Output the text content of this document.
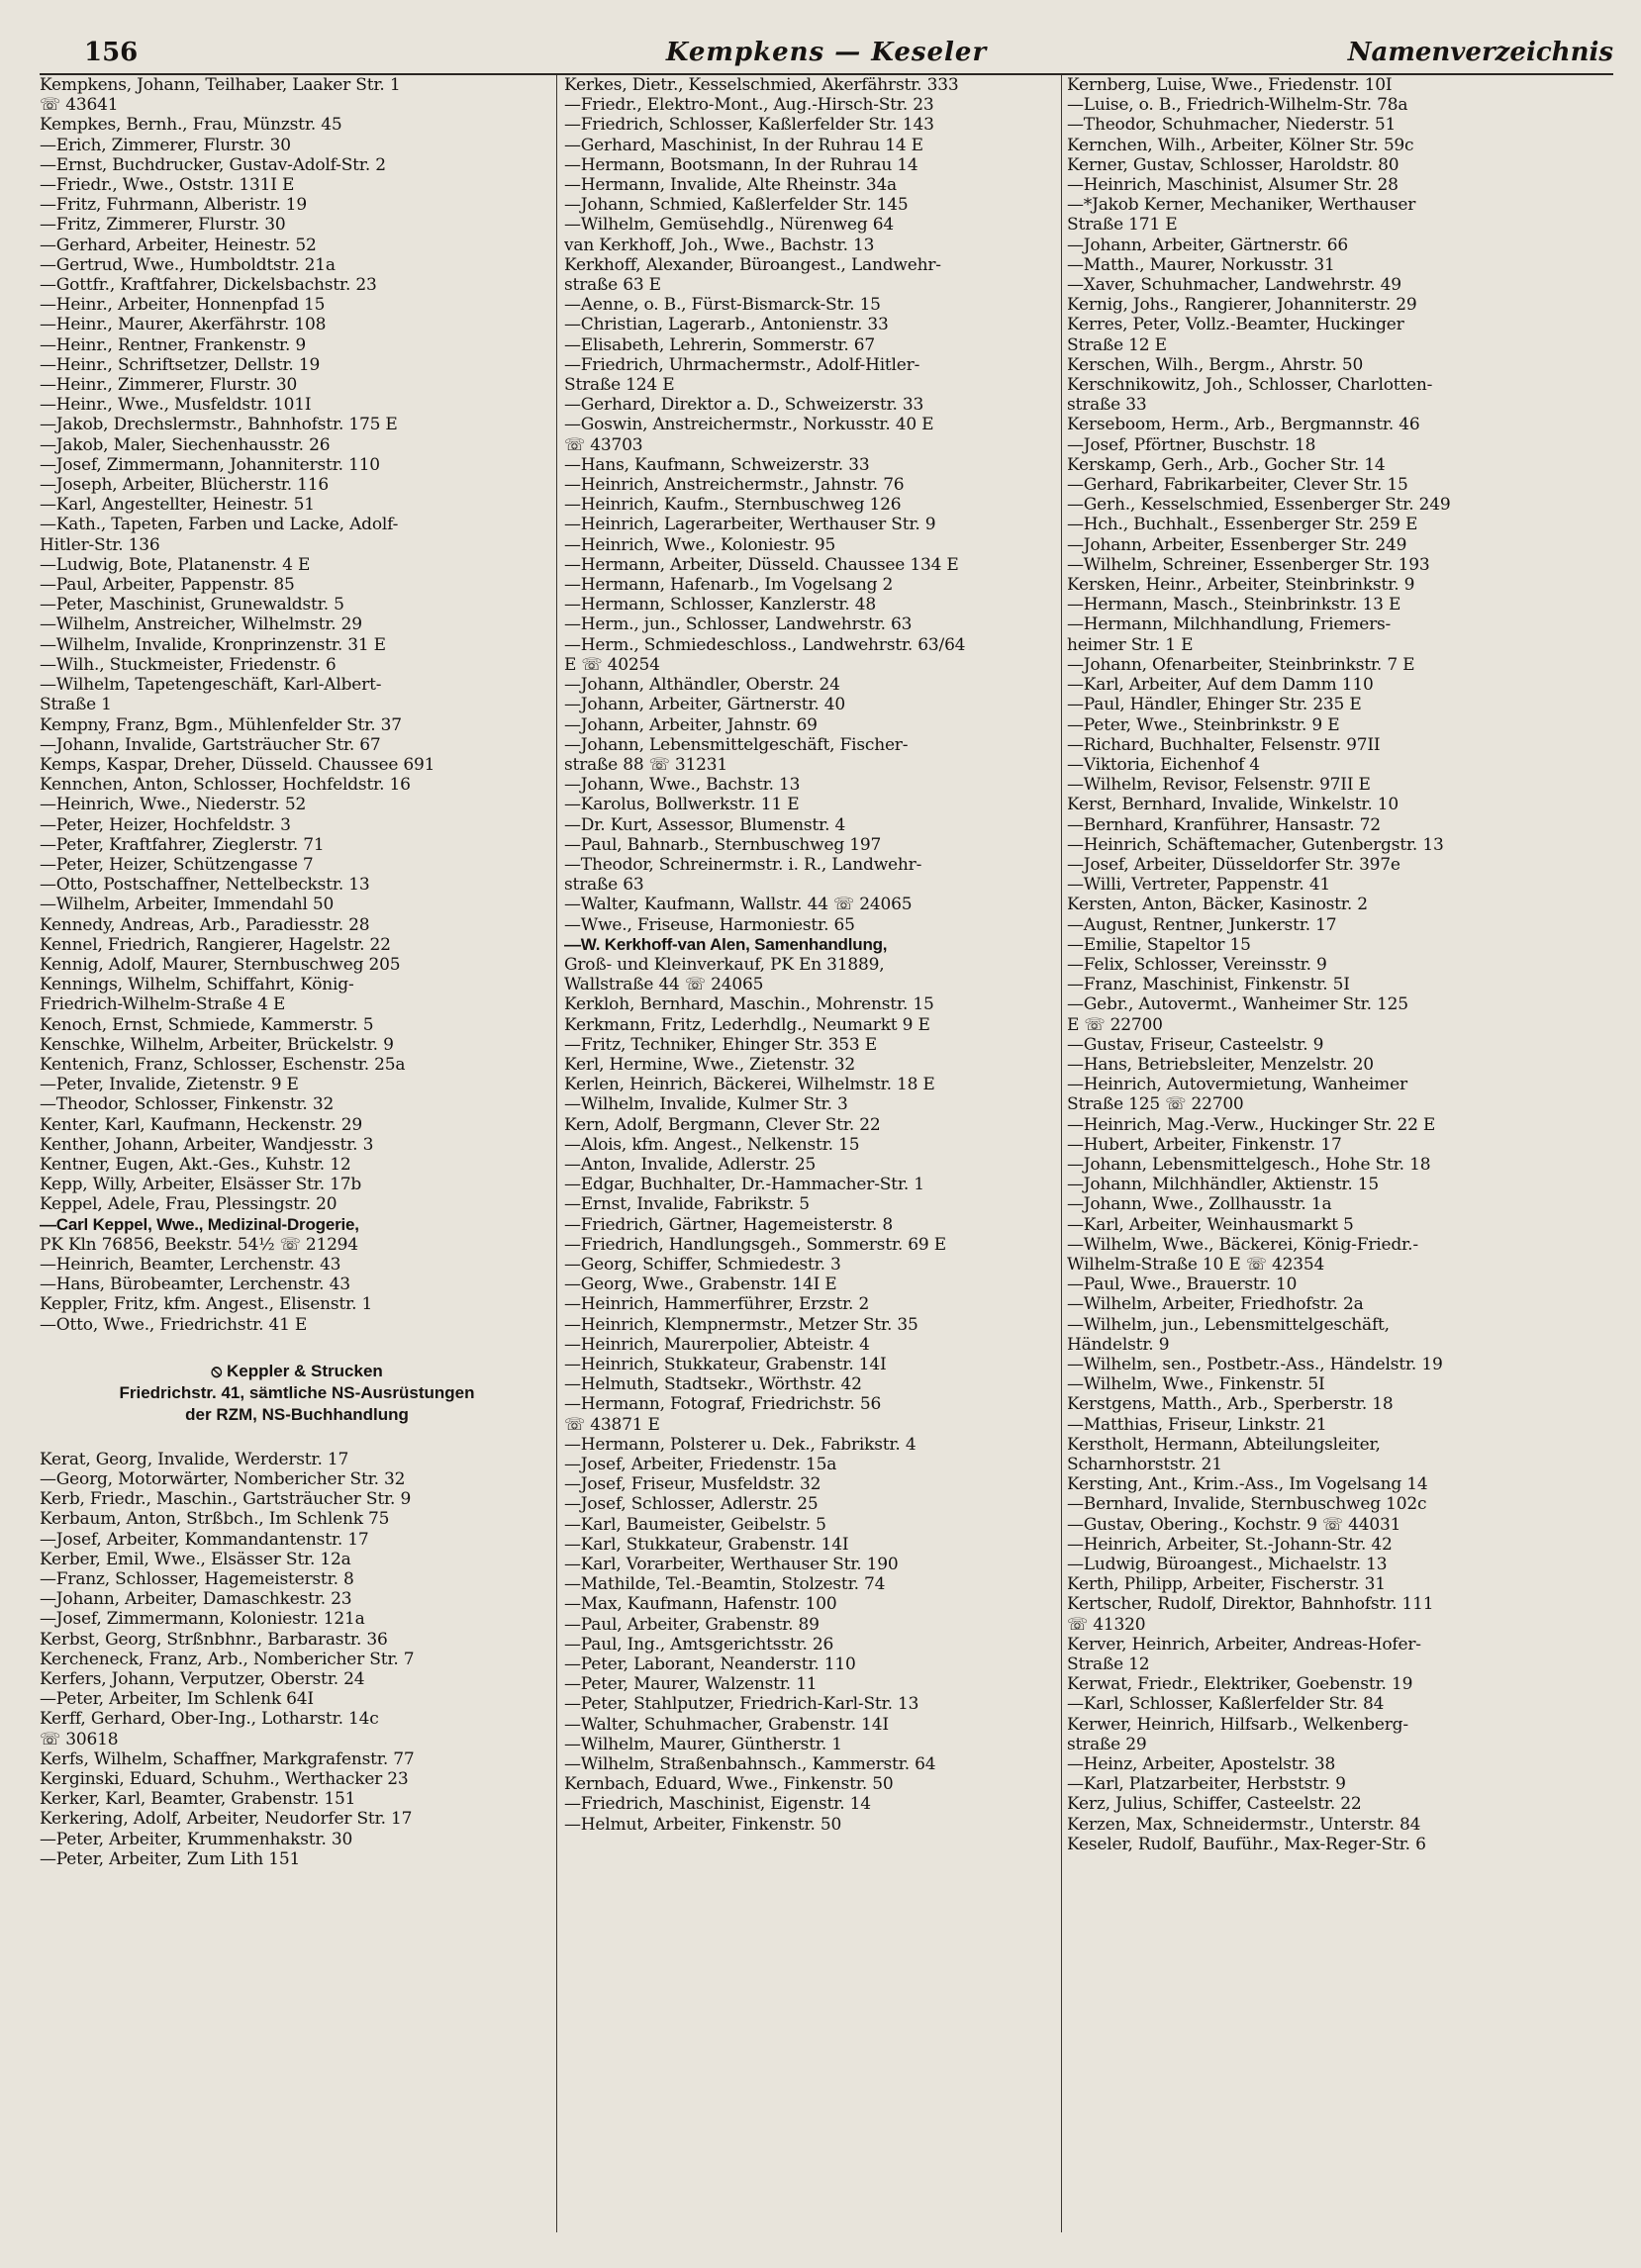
156	Kempkens — Keseler	Namenverzeichnis
Kempkens, Johann, Teilhaber, Laaker Str. 1
☏ 43641
Kempkes, Bernh., Frau, Münzstr. 45
—Erich, Zimmerer, Flurstr. 30
—Ernst, Buchdrucker, Gustav-Adolf-Str. 2
—Friedr., Wwe., Oststr. 131I E
—Fritz, Fuhrmann, Alberistr. 19
—Fritz, Zimmerer, Flurstr. 30
—Gerhard, Arbeiter, Heinestr. 52
—Gertrud, Wwe., Humboldtstr. 21a
—Gottfr., Kraftfahrer, Dickelsbachstr. 23
—Heinr., Arbeiter, Honnenpfad 15
—Heinr., Maurer, Akerfährstr. 108
—Heinr., Rentner, Frankenstr. 9
—Heinr., Schriftsetzer, Dellstr. 19
—Heinr., Zimmerer, Flurstr. 30
—Heinr., Wwe., Musfeldstr. 101I
—Jakob, Drechslermstr., Bahnhofstr. 175 E
—Jakob, Maler, Siechenhausstr. 26
—Josef, Zimmermann, Johanniterstr. 110
—Joseph, Arbeiter, Blücherstr. 116
—Karl, Angestellter, Heinestr. 51
—Kath., Tapeten, Farben und Lacke, Adolf-
Hitler-Str. 136
—Ludwig, Bote, Platanenstr. 4 E
—Paul, Arbeiter, Pappenstr. 85
—Peter, Maschinist, Grunewaldstr. 5
—Wilhelm, Anstreicher, Wilhelmstr. 29
—Wilhelm, Invalide, Kronprinzenstr. 31 E
—Wilh., Stuckmeister, Friedenstr. 6
—Wilhelm, Tapetengeschäft, Karl-Albert-
Straße 1
Kempny, Franz, Bgm., Mühlenfelder Str. 37
—Johann, Invalide, Gartsträucher Str. 67
Kemps, Kaspar, Dreher, Düsseld. Chaussee 691
Kennchen, Anton, Schlosser, Hochfeldstr. 16
—Heinrich, Wwe., Niederstr. 52
—Peter, Heizer, Hochfeldstr. 3
—Peter, Kraftfahrer, Zieglerstr. 71
—Peter, Heizer, Schützengasse 7
—Otto, Postschaffner, Nettelbeckstr. 13
—Wilhelm, Arbeiter, Immendahl 50
Kennedy, Andreas, Arb., Paradiesstr. 28
Kennel, Friedrich, Rangierer, Hagelstr. 22
Kennig, Adolf, Maurer, Sternbuschweg 205
Kennings, Wilhelm, Schiffahrt, König-
Friedrich-Wilhelm-Straße 4 E
Kenoch, Ernst, Schmiede, Kammerstr. 5
Kenschke, Wilhelm, Arbeiter, Brückelstr. 9
Kentenich, Franz, Schlosser, Eschenstr. 25a
—Peter, Invalide, Zietenstr. 9 E
—Theodor, Schlosser, Finkenstr. 32
Kenter, Karl, Kaufmann, Heckenstr. 29
Kenther, Johann, Arbeiter, Wandjesstr. 3
Kentner, Eugen, Akt.-Ges., Kuhstr. 12
Kepp, Willy, Arbeiter, Elsässer Str. 17b
Keppel, Adele, Frau, Plessingstr. 20
—Carl Keppel, Wwe., Medizinal-Drogerie,
PK Kln 76856, Beekstr. 54½ ☏ 21294
—Heinrich, Beamter, Lerchenstr. 43
—Hans, Bürobeamter, Lerchenstr. 43
Keppler, Fritz, kfm. Angest., Elisenstr. 1
—Otto, Wwe., Friedrichstr. 41 E
⦸ Keppler & Strucken
Friedrichstr. 41, sämtliche NS-Ausrüstungen
der RZM, NS-Buchhandlung
Kerat, Georg, Invalide, Werderstr. 17
—Georg, Motorwärter, Nombericher Str. 32
Kerb, Friedr., Maschin., Gartsträucher Str. 9
Kerbaum, Anton, Strßbch., Im Schlenk 75
—Josef, Arbeiter, Kommandantenstr. 17
Kerber, Emil, Wwe., Elsässer Str. 12a
—Franz, Schlosser, Hagemeisterstr. 8
—Johann, Arbeiter, Damaschkestr. 23
—Josef, Zimmermann, Koloniestr. 121a
Kerbst, Georg, Strßnbhnr., Barbarastr. 36
Kercheneck, Franz, Arb., Nombericher Str. 7
Kerfers, Johann, Verputzer, Oberstr. 24
—Peter, Arbeiter, Im Schlenk 64I
Kerff, Gerhard, Ober-Ing., Lotharstr. 14c
☏ 30618
Kerfs, Wilhelm, Schaffner, Markgrafenstr. 77
Kerginski, Eduard, Schuhm., Werthacker 23
Kerker, Karl, Beamter, Grabenstr. 151
Kerkering, Adolf, Arbeiter, Neudorfer Str. 17
—Peter, Arbeiter, Krummenhakstr. 30
—Peter, Arbeiter, Zum Lith 151
Kerkes, Dietr., Kesselschmied, Akerfährstr. 333
—Friedr., Elektro-Mont., Aug.-Hirsch-Str. 23
—Friedrich, Schlosser, Kaßlerfelder Str. 143
—Gerhard, Maschinist, In der Ruhrau 14 E
—Hermann, Bootsmann, In der Ruhrau 14
—Hermann, Invalide, Alte Rheinstr. 34a
—Johann, Schmied, Kaßlerfelder Str. 145
—Wilhelm, Gemüsehdlg., Nürenweg 64
van Kerkhoff, Joh., Wwe., Bachstr. 13
Kerkhoff, Alexander, Büroangest., Landwehr-
straße 63 E
—Aenne, o. B., Fürst-Bismarck-Str. 15
—Christian, Lagerarb., Antonienstr. 33
—Elisabeth, Lehrerin, Sommerstr. 67
—Friedrich, Uhrmachermstr., Adolf-Hitler-
Straße 124 E
—Gerhard, Direktor a. D., Schweizerstr. 33
—Goswin, Anstreichermstr., Norkusstr. 40 E
☏ 43703
—Hans, Kaufmann, Schweizerstr. 33
—Heinrich, Anstreichermstr., Jahnstr. 76
—Heinrich, Kaufm., Sternbuschweg 126
—Heinrich, Lagerarbeiter, Werthauser Str. 9
—Heinrich, Wwe., Koloniestr. 95
—Hermann, Arbeiter, Düsseld. Chaussee 134 E
—Hermann, Hafenarb., Im Vogelsang 2
—Hermann, Schlosser, Kanzlerstr. 48
—Herm., jun., Schlosser, Landwehrstr. 63
—Herm., Schmiedeschloss., Landwehrstr. 63/64
E ☏ 40254
—Johann, Althändler, Oberstr. 24
—Johann, Arbeiter, Gärtnerstr. 40
—Johann, Arbeiter, Jahnstr. 69
—Johann, Lebensmittelgeschäft, Fischer-
straße 88 ☏ 31231
—Johann, Wwe., Bachstr. 13
—Karolus, Bollwerkstr. 11 E
—Dr. Kurt, Assessor, Blumenstr. 4
—Paul, Bahnarb., Sternbuschweg 197
—Theodor, Schreinermstr. i. R., Landwehr-
straße 63
—Walter, Kaufmann, Wallstr. 44 ☏ 24065
—Wwe., Friseuse, Harmoniestr. 65
—W. Kerkhoff-van Alen, Samenhandlung,
Groß- und Kleinverkauf, PK En 31889,
Wallstraße 44 ☏ 24065
Kerkloh, Bernhard, Maschin., Mohrenstr. 15
Kerkmann, Fritz, Lederhdlg., Neumarkt 9 E
—Fritz, Techniker, Ehinger Str. 353 E
Kerl, Hermine, Wwe., Zietenstr. 32
Kerlen, Heinrich, Bäckerei, Wilhelmstr. 18 E
—Wilhelm, Invalide, Kulmer Str. 3
Kern, Adolf, Bergmann, Clever Str. 22
—Alois, kfm. Angest., Nelkenstr. 15
—Anton, Invalide, Adlerstr. 25
—Edgar, Buchhalter, Dr.-Hammacher-Str. 1
—Ernst, Invalide, Fabrikstr. 5
—Friedrich, Gärtner, Hagemeisterstr. 8
—Friedrich, Handlungsgeh., Sommerstr. 69 E
—Georg, Schiffer, Schmiedestr. 3
—Georg, Wwe., Grabenstr. 14I E
—Heinrich, Hammerführer, Erzstr. 2
—Heinrich, Klempnermstr., Metzer Str. 35
—Heinrich, Maurerpolier, Abteistr. 4
—Heinrich, Stukkateur, Grabenstr. 14I
—Helmuth, Stadtsekr., Wörthstr. 42
—Hermann, Fotograf, Friedrichstr. 56
☏ 43871 E
—Hermann, Polsterer u. Dek., Fabrikstr. 4
—Josef, Arbeiter, Friedenstr. 15a
—Josef, Friseur, Musfeldstr. 32
—Josef, Schlosser, Adlerstr. 25
—Karl, Baumeister, Geibelstr. 5
—Karl, Stukkateur, Grabenstr. 14I
—Karl, Vorarbeiter, Werthauser Str. 190
—Mathilde, Tel.-Beamtin, Stolzestr. 74
—Max, Kaufmann, Hafenstr. 100
—Paul, Arbeiter, Grabenstr. 89
—Paul, Ing., Amtsgerichtsstr. 26
—Peter, Laborant, Neanderstr. 110
—Peter, Maurer, Walzenstr. 11
—Peter, Stahlputzer, Friedrich-Karl-Str. 13
—Walter, Schuhmacher, Grabenstr. 14I
—Wilhelm, Maurer, Güntherstr. 1
—Wilhelm, Straßenbahnsch., Kammerstr. 64
Kernbach, Eduard, Wwe., Finkenstr. 50
—Friedrich, Maschinist, Eigenstr. 14
—Helmut, Arbeiter, Finkenstr. 50
Kernberg, Luise, Wwe., Friedenstr. 10I
—Luise, o. B., Friedrich-Wilhelm-Str. 78a
—Theodor, Schuhmacher, Niederstr. 51
Kernchen, Wilh., Arbeiter, Kölner Str. 59c
Kerner, Gustav, Schlosser, Haroldstr. 80
—Heinrich, Maschinist, Alsumer Str. 28
—*Jakob Kerner, Mechaniker, Werthauser
Straße 171 E
—Johann, Arbeiter, Gärtnerstr. 66
—Matth., Maurer, Norkusstr. 31
—Xaver, Schuhmacher, Landwehrstr. 49
Kernig, Johs., Rangierer, Johanniterstr. 29
Kerres, Peter, Vollz.-Beamter, Huckinger
Straße 12 E
Kerschen, Wilh., Bergm., Ahrstr. 50
Kerschnikowitz, Joh., Schlosser, Charlotten-
straße 33
Kerseboom, Herm., Arb., Bergmannstr. 46
—Josef, Pförtner, Buschstr. 18
Kerskamp, Gerh., Arb., Gocher Str. 14
—Gerhard, Fabrikarbeiter, Clever Str. 15
—Gerh., Kesselschmied, Essenberger Str. 249
—Hch., Buchhalt., Essenberger Str. 259 E
—Johann, Arbeiter, Essenberger Str. 249
—Wilhelm, Schreiner, Essenberger Str. 193
Kersken, Heinr., Arbeiter, Steinbrinkstr. 9
—Hermann, Masch., Steinbrinkstr. 13 E
—Hermann, Milchhandlung, Friemers-
heimer Str. 1 E
—Johann, Ofenarbeiter, Steinbrinkstr. 7 E
—Karl, Arbeiter, Auf dem Damm 110
—Paul, Händler, Ehinger Str. 235 E
—Peter, Wwe., Steinbrinkstr. 9 E
—Richard, Buchhalter, Felsenstr. 97II
—Viktoria, Eichenhof 4
—Wilhelm, Revisor, Felsenstr. 97II E
Kerst, Bernhard, Invalide, Winkelstr. 10
—Bernhard, Kranführer, Hansastr. 72
—Heinrich, Schäftemacher, Gutenbergstr. 13
—Josef, Arbeiter, Düsseldorfer Str. 397e
—Willi, Vertreter, Pappenstr. 41
Kersten, Anton, Bäcker, Kasinostr. 2
—August, Rentner, Junkerstr. 17
—Emilie, Stapeltor 15
—Felix, Schlosser, Vereinsstr. 9
—Franz, Maschinist, Finkenstr. 5I
—Gebr., Autovermt., Wanheimer Str. 125
E ☏ 22700
—Gustav, Friseur, Casteelstr. 9
—Hans, Betriebsleiter, Menzelstr. 20
—Heinrich, Autovermietung, Wanheimer
Straße 125 ☏ 22700
—Heinrich, Mag.-Verw., Huckinger Str. 22 E
—Hubert, Arbeiter, Finkenstr. 17
—Johann, Lebensmittelgesch., Hohe Str. 18
—Johann, Milchhändler, Aktienstr. 15
—Johann, Wwe., Zollhausstr. 1a
—Karl, Arbeiter, Weinhausmarkt 5
—Wilhelm, Wwe., Bäckerei, König-Friedr.-
Wilhelm-Straße 10 E ☏ 42354
—Paul, Wwe., Brauerstr. 10
—Wilhelm, Arbeiter, Friedhofstr. 2a
—Wilhelm, jun., Lebensmittelgeschäft,
Händelstr. 9
—Wilhelm, sen., Postbetr.-Ass., Händelstr. 19
—Wilhelm, Wwe., Finkenstr. 5I
Kerstgens, Matth., Arb., Sperberstr. 18
—Matthias, Friseur, Linkstr. 21
Kerstholt, Hermann, Abteilungsleiter,
Scharnhorststr. 21
Kersting, Ant., Krim.-Ass., Im Vogelsang 14
—Bernhard, Invalide, Sternbuschweg 102c
—Gustav, Obering., Kochstr. 9 ☏ 44031
—Heinrich, Arbeiter, St.-Johann-Str. 42
—Ludwig, Büroangest., Michaelstr. 13
Kerth, Philipp, Arbeiter, Fischerstr. 31
Kertscher, Rudolf, Direktor, Bahnhofstr. 111
☏ 41320
Kerver, Heinrich, Arbeiter, Andreas-Hofer-
Straße 12
Kerwat, Friedr., Elektriker, Goebenstr. 19
—Karl, Schlosser, Kaßlerfelder Str. 84
Kerwer, Heinrich, Hilfsarb., Welkenberg-
straße 29
—Heinz, Arbeiter, Apostelstr. 38
—Karl, Platzarbeiter, Herbststr. 9
Kerz, Julius, Schiffer, Casteelstr. 22
Kerzen, Max, Schneidermstr., Unterstr. 84
Keseler, Rudolf, Bauführ., Max-Reger-Str. 6
